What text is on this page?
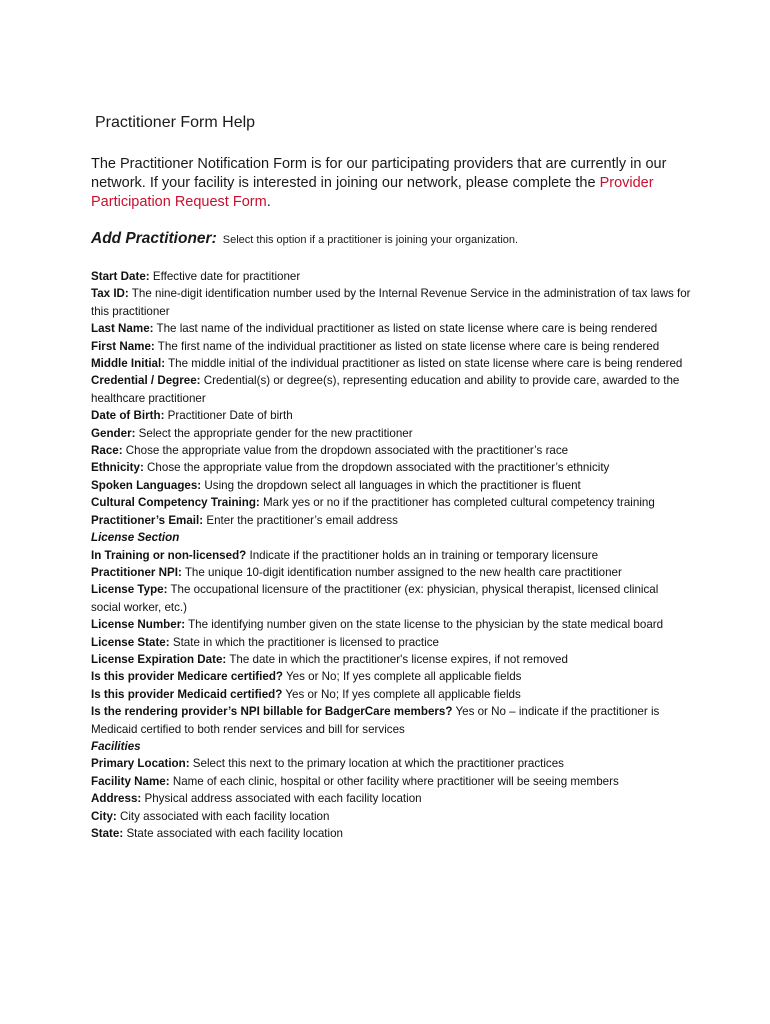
Practitioner Form Help

The Practitioner Notification Form is for our participating providers that are currently in our network. If your facility is interested in joining our network, please complete the Provider Participation Request Form.

Add Practitioner: Select this option if a practitioner is joining your organization.

Start Date: Effective date for practitioner

Tax ID: The nine-digit identification number used by the Internal Revenue Service in the administration of tax laws for this practitioner

Last Name: The last name of the individual practitioner as listed on state license where care is being rendered

First Name: The first name of the individual practitioner as listed on state license where care is being rendered

Middle Initial: The middle initial of the individual practitioner as listed on state license where care is being rendered

Credential / Degree: Credential(s) or degree(s), representing education and ability to provide care, awarded to the healthcare practitioner

Date of Birth: Practitioner Date of birth

Gender: Select the appropriate gender for the new practitioner

Race: Chose the appropriate value from the dropdown associated with the practitioner’s race

Ethnicity: Chose the appropriate value from the dropdown associated with the practitioner’s ethnicity

Spoken Languages: Using the dropdown select all languages in which the practitioner is fluent

Cultural Competency Training: Mark yes or no if the practitioner has completed cultural competency training

Practitioner’s Email: Enter the practitioner’s email address

License Section

In Training or non-licensed? Indicate if the practitioner holds an in training or temporary licensure

Practitioner NPI: The unique 10-digit identification number assigned to the new health care practitioner

License Type: The occupational licensure of the practitioner (ex: physician, physical therapist, licensed clinical social worker, etc.)

License Number: The identifying number given on the state license to the physician by the state medical board

License State: State in which the practitioner is licensed to practice

License Expiration Date: The date in which the practitioner's license expires, if not removed

Is this provider Medicare certified? Yes or No; If yes complete all applicable fields

Is this provider Medicaid certified? Yes or No; If yes complete all applicable fields

Is the rendering provider’s NPI billable for BadgerCare members? Yes or No – indicate if the practitioner is Medicaid certified to both render services and bill for services

Facilities

Primary Location: Select this next to the primary location at which the practitioner practices

Facility Name: Name of each clinic, hospital or other facility where practitioner will be seeing members

Address: Physical address associated with each facility location

City: City associated with each facility location

State: State associated with each facility location
